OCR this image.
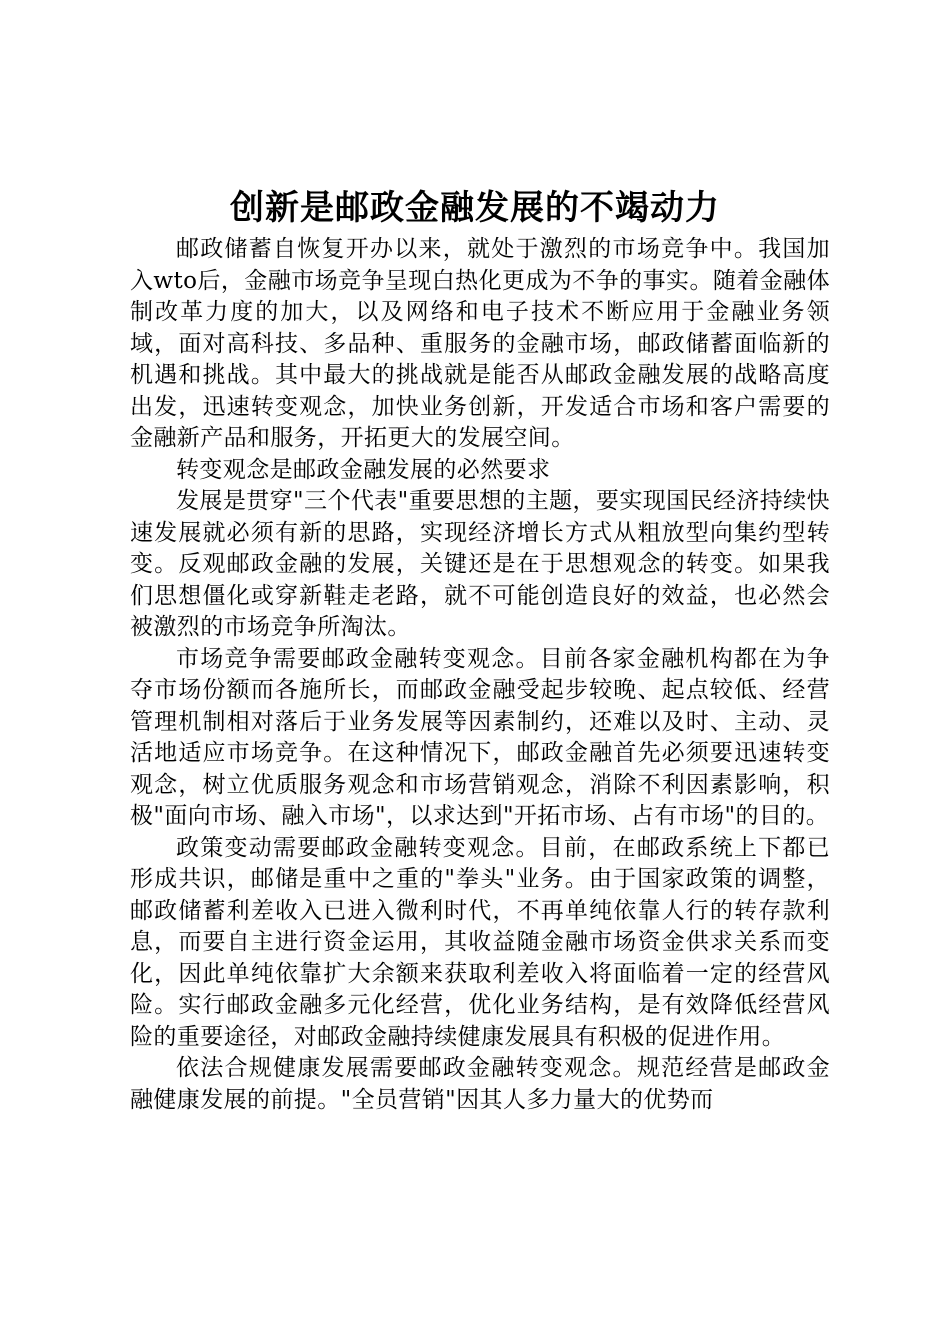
创新是邮政金融发展的不竭动力

邮政储蓄自恢复开办以来，就处于激烈的市场竞争中。我国加入wto后，金融市场竞争呈现白热化更成为不争的事实。随着金融体制改革力度的加大，以及网络和电子技术不断应用于金融业务领域，面对高科技、多品种、重服务的金融市场，邮政储蓄面临新的机遇和挑战。其中最大的挑战就是能否从邮政金融发展的战略高度出发，迅速转变观念，加快业务创新，开发适合市场和客户需要的金融新产品和服务，开拓更大的发展空间。

转变观念是邮政金融发展的必然要求

发展是贯穿"三个代表"重要思想的主题，要实现国民经济持续快速发展就必须有新的思路，实现经济增长方式从粗放型向集约型转变。反观邮政金融的发展，关键还是在于思想观念的转变。如果我们思想僵化或穿新鞋走老路，就不可能创造良好的效益，也必然会被激烈的市场竞争所淘汰。

市场竞争需要邮政金融转变观念。目前各家金融机构都在为争夺市场份额而各施所长，而邮政金融受起步较晚、起点较低、经营管理机制相对落后于业务发展等因素制约，还难以及时、主动、灵活地适应市场竞争。在这种情况下，邮政金融首先必须要迅速转变观念，树立优质服务观念和市场营销观念，消除不利因素影响，积极"面向市场、融入市场"，以求达到"开拓市场、占有市场"的目的。

政策变动需要邮政金融转变观念。目前，在邮政系统上下都已形成共识，邮储是重中之重的"拳头"业务。由于国家政策的调整，邮政储蓄利差收入已进入微利时代，不再单纯依靠人行的转存款利息，而要自主进行资金运用，其收益随金融市场资金供求关系而变化，因此单纯依靠扩大余额来获取利差收入将面临着一定的经营风险。实行邮政金融多元化经营，优化业务结构，是有效降低经营风险的重要途径，对邮政金融持续健康发展具有积极的促进作用。

依法合规健康发展需要邮政金融转变观念。规范经营是邮政金融健康发展的前提。"全员营销"因其人多力量大的优势而
